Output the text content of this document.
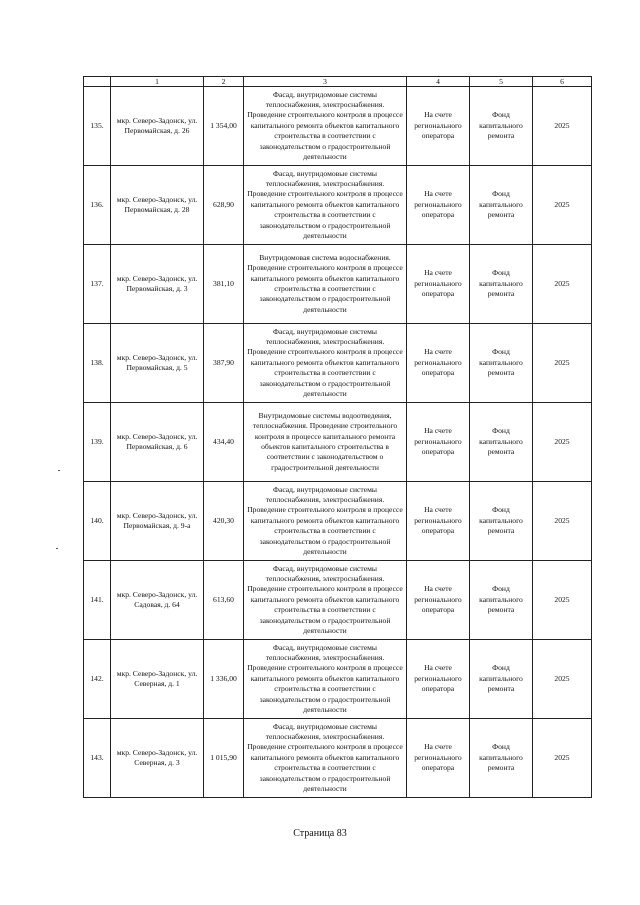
	1	2	3	4	5	6
135.	мкр. Северо-Задонск, ул. Первомайская, д. 26	1 354,00	Фасад, внутридомовые системы теплоснабжения, электроснабжения. Проведение строительного контроля в процессе капитального ремонта объектов капитального строительства в соответствии с законодательством о градостроительной деятельности	На счете регионального оператора	Фонд капитального ремонта	2025
136.	мкр. Северо-Задонск, ул. Первомайская, д. 28	628,90	Фасад, внутридомовые системы теплоснабжения, электроснабжения. Проведение строительного контроля в процессе капитального ремонта объектов капитального строительства в соответствии с законодательством о градостроительной деятельности	На счете регионального оператора	Фонд капитального ремонта	2025
137.	мкр. Северо-Задонск, ул. Первомайская, д. 3	381,10	Внутридомовая система водоснабжения. Проведение строительного контроля в процессе капитального ремонта объектов капитального строительства в соответствии с законодательством о градостроительной деятельности	На счете регионального оператора	Фонд капитального ремонта	2025
138.	мкр. Северо-Задонск, ул. Первомайская, д. 5	387,90	Фасад, внутридомовые системы теплоснабжения, электроснабжения. Проведение строительного контроля в процессе капитального ремонта объектов капитального строительства в соответствии с законодательством о градостроительной деятельности	На счете регионального оператора	Фонд капитального ремонта	2025
139.	мкр. Северо-Задонск, ул. Первомайская, д. 6	434,40	Внутридомовые системы водоотведения, теплоснабжения. Проведение строительного контроля в процессе капитального ремонта объектов капитального строительства в соответствии с законодательством о градостроительной деятельности	На счете регионального оператора	Фонд капитального ремонта	2025
140.	мкр. Северо-Задонск, ул. Первомайская, д. 9-а	420,30	Фасад, внутридомовые системы теплоснабжения, электроснабжения. Проведение строительного контроля в процессе капитального ремонта объектов капитального строительства в соответствии с законодательством о градостроительной деятельности	На счете регионального оператора	Фонд капитального ремонта	2025
141.	мкр. Северо-Задонск, ул. Садовая, д. 64	613,60	Фасад, внутридомовые системы теплоснабжения, электроснабжения. Проведение строительного контроля в процессе капитального ремонта объектов капитального строительства в соответствии с законодательством о градостроительной деятельности	На счете регионального оператора	Фонд капитального ремонта	2025
142.	мкр. Северо-Задонск, ул. Северная, д. 1	1 336,00	Фасад, внутридомовые системы теплоснабжения, электроснабжения. Проведение строительного контроля в процессе капитального ремонта объектов капитального строительства в соответствии с законодательством о градостроительной деятельности	На счете регионального оператора	Фонд капитального ремонта	2025
143.	мкр. Северо-Задонск, ул. Северная, д. 3	1 015,90	Фасад, внутридомовые системы теплоснабжения, электроснабжения. Проведение строительного контроля в процессе капитального ремонта объектов капитального строительства в соответствии с законодательством о градостроительной деятельности	На счете регионального оператора	Фонд капитального ремонта	2025
Страница 83
